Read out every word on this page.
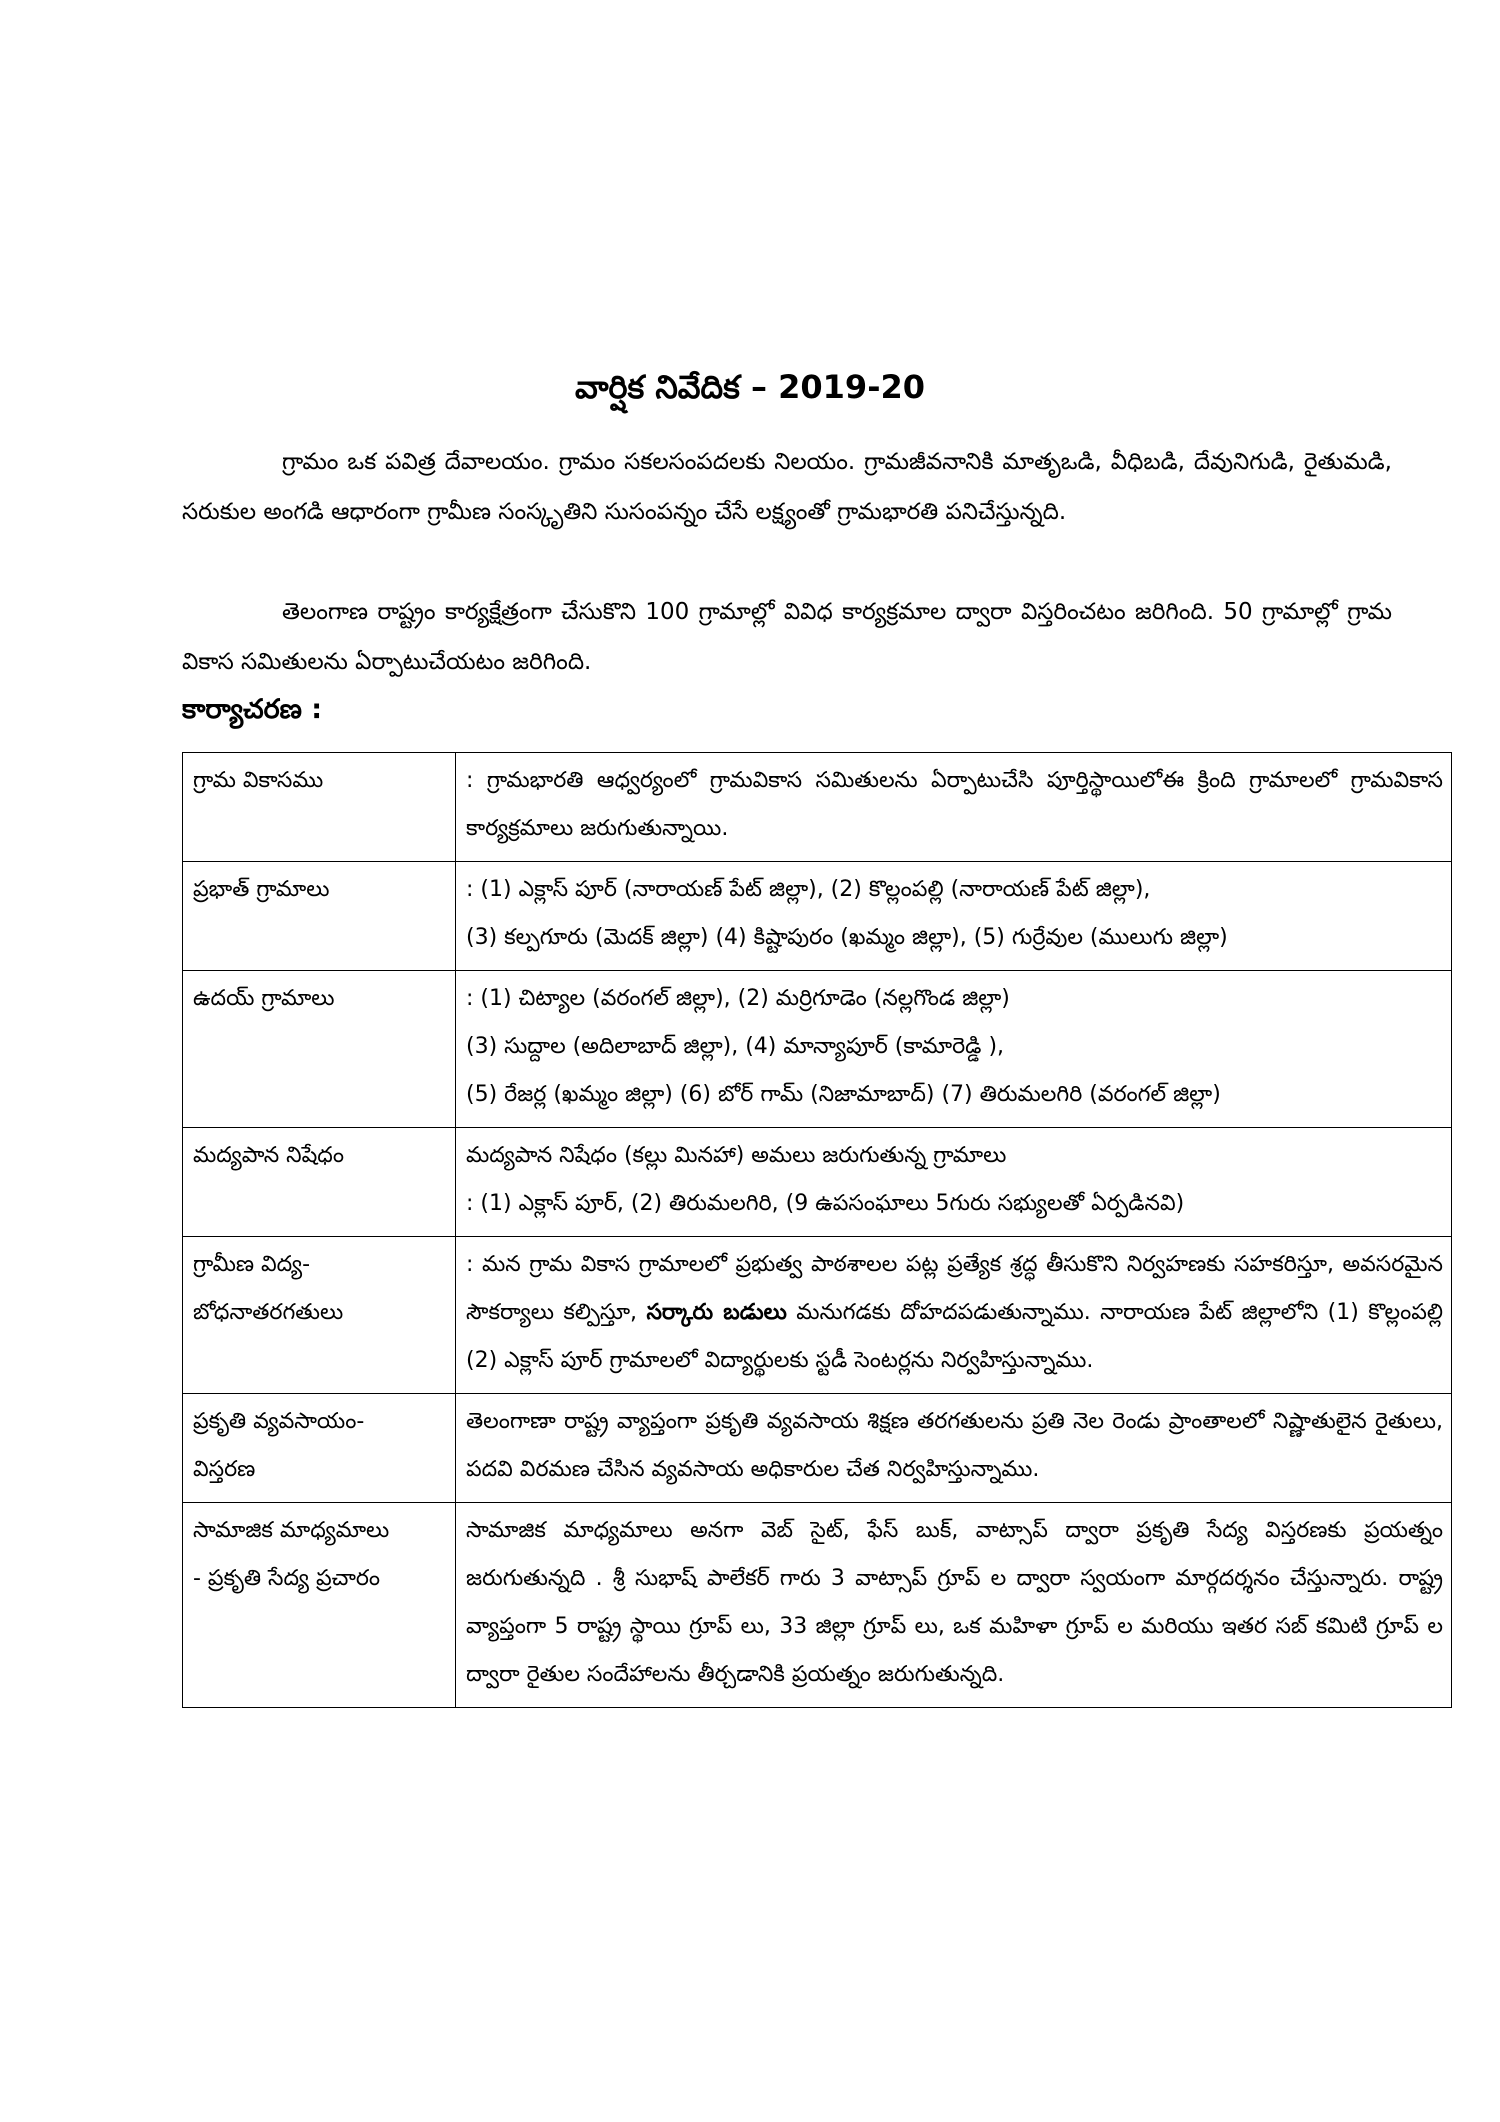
వార్షిక నివేదిక – 2019-20

గ్రామం ఒక పవిత్ర దేవాలయం. గ్రామం సకలసంపదలకు నిలయం. గ్రామజీవనానికి మాతృఒడి, వీధిబడి, దేవునిగుడి, రైతుమడి, సరుకుల అంగడి ఆధారంగా గ్రామీణ సంస్కృతిని సుసంపన్నం చేసే లక్ష్యంతో గ్రామభారతి పనిచేస్తున్నది.

తెలంగాణ రాష్ట్రం కార్యక్షేత్రంగా చేసుకొని 100 గ్రామాల్లో వివిధ కార్యక్రమాల ద్వారా విస్తరించటం జరిగింది. 50 గ్రామాల్లో గ్రామ వికాస సమితులను ఏర్పాటుచేయటం జరిగింది.

కార్యాచరణ :
గ్రామ వికాసము	: గ్రామభారతి ఆధ్వర్యంలో గ్రామవికాస సమితులను ఏర్పాటుచేసి పూర్తిస్థాయిలోఈ క్రింది గ్రామాలలో గ్రామవికాస కార్యక్రమాలు జరుగుతున్నాయి.

ప్రభాత్ గ్రామాలు	: (1) ఎక్లాస్ పూర్ (నారాయణ్ పేట్ జిల్లా), (2) కొల్లంపల్లి (నారాయణ్ పేట్ జిల్లా),
(3) కల్పగూరు (మెదక్ జిల్లా) (4) కిష్టాపురం (ఖమ్మం జిల్లా), (5) గుర్రేవుల (ములుగు జిల్లా)

ఉదయ్ గ్రామాలు	: (1) చిట్యాల (వరంగల్ జిల్లా), (2) మర్రిగూడెం (నల్లగొండ జిల్లా)
(3) సుద్దాల (అదిలాబాద్ జిల్లా), (4) మాన్యాపూర్ (కామారెడ్డి ),
(5) రేజర్ల (ఖమ్మం జిల్లా) (6) బోర్ గామ్ (నిజామాబాద్) (7) తిరుమలగిరి (వరంగల్ జిల్లా)

మద్యపాన నిషేధం	మద్యపాన నిషేధం (కల్లు మినహా) అమలు జరుగుతున్న గ్రామాలు
: (1) ఎక్లాస్ పూర్, (2) తిరుమలగిరి, (9 ఉపసంఘాలు 5గురు సభ్యులతో ఏర్పడినవి)

గ్రామీణ విద్య-
బోధనాతరగతులు	: మన గ్రామ వికాస గ్రామాలలో ప్రభుత్వ పాఠశాలల పట్ల ప్రత్యేక శ్రద్ధ తీసుకొని నిర్వహణకు సహకరిస్తూ, అవసరమైన సౌకర్యాలు కల్పిస్తూ, సర్కారు బడులు మనుగడకు దోహదపడుతున్నాము. నారాయణ పేట్ జిల్లాలోని (1) కొల్లంపల్లి (2) ఎక్లాస్ పూర్ గ్రామాలలో విద్యార్థులకు స్టడీ సెంటర్లను నిర్వహిస్తున్నాము.

ప్రకృతి వ్యవసాయం-
విస్తరణ	తెలంగాణా రాష్ట్ర వ్యాప్తంగా ప్రకృతి వ్యవసాయ శిక్షణ తరగతులను ప్రతి నెల రెండు ప్రాంతాలలో నిష్ణాతులైన రైతులు, పదవి విరమణ చేసిన వ్యవసాయ అధికారుల చేత నిర్వహిస్తున్నాము.

సామాజిక మాధ్యమాలు
- ప్రకృతి సేద్య ప్రచారం	సామాజిక మాధ్యమాలు అనగా వెబ్ సైట్, ఫేస్ బుక్, వాట్సాప్ ద్వారా ప్రకృతి సేద్య విస్తరణకు ప్రయత్నం జరుగుతున్నది . శ్రీ సుభాష్ పాలేకర్ గారు 3 వాట్సాప్ గ్రూప్ ల ద్వారా స్వయంగా మార్గదర్శనం చేస్తున్నారు. రాష్ట్ర వ్యాప్తంగా 5 రాష్ట్ర స్థాయి గ్రూప్ లు, 33 జిల్లా గ్రూప్ లు, ఒక మహిళా గ్రూప్ ల మరియు ఇతర సబ్ కమిటి గ్రూప్ ల ద్వారా రైతుల సందేహాలను తీర్చడానికి ప్రయత్నం జరుగుతున్నది.
